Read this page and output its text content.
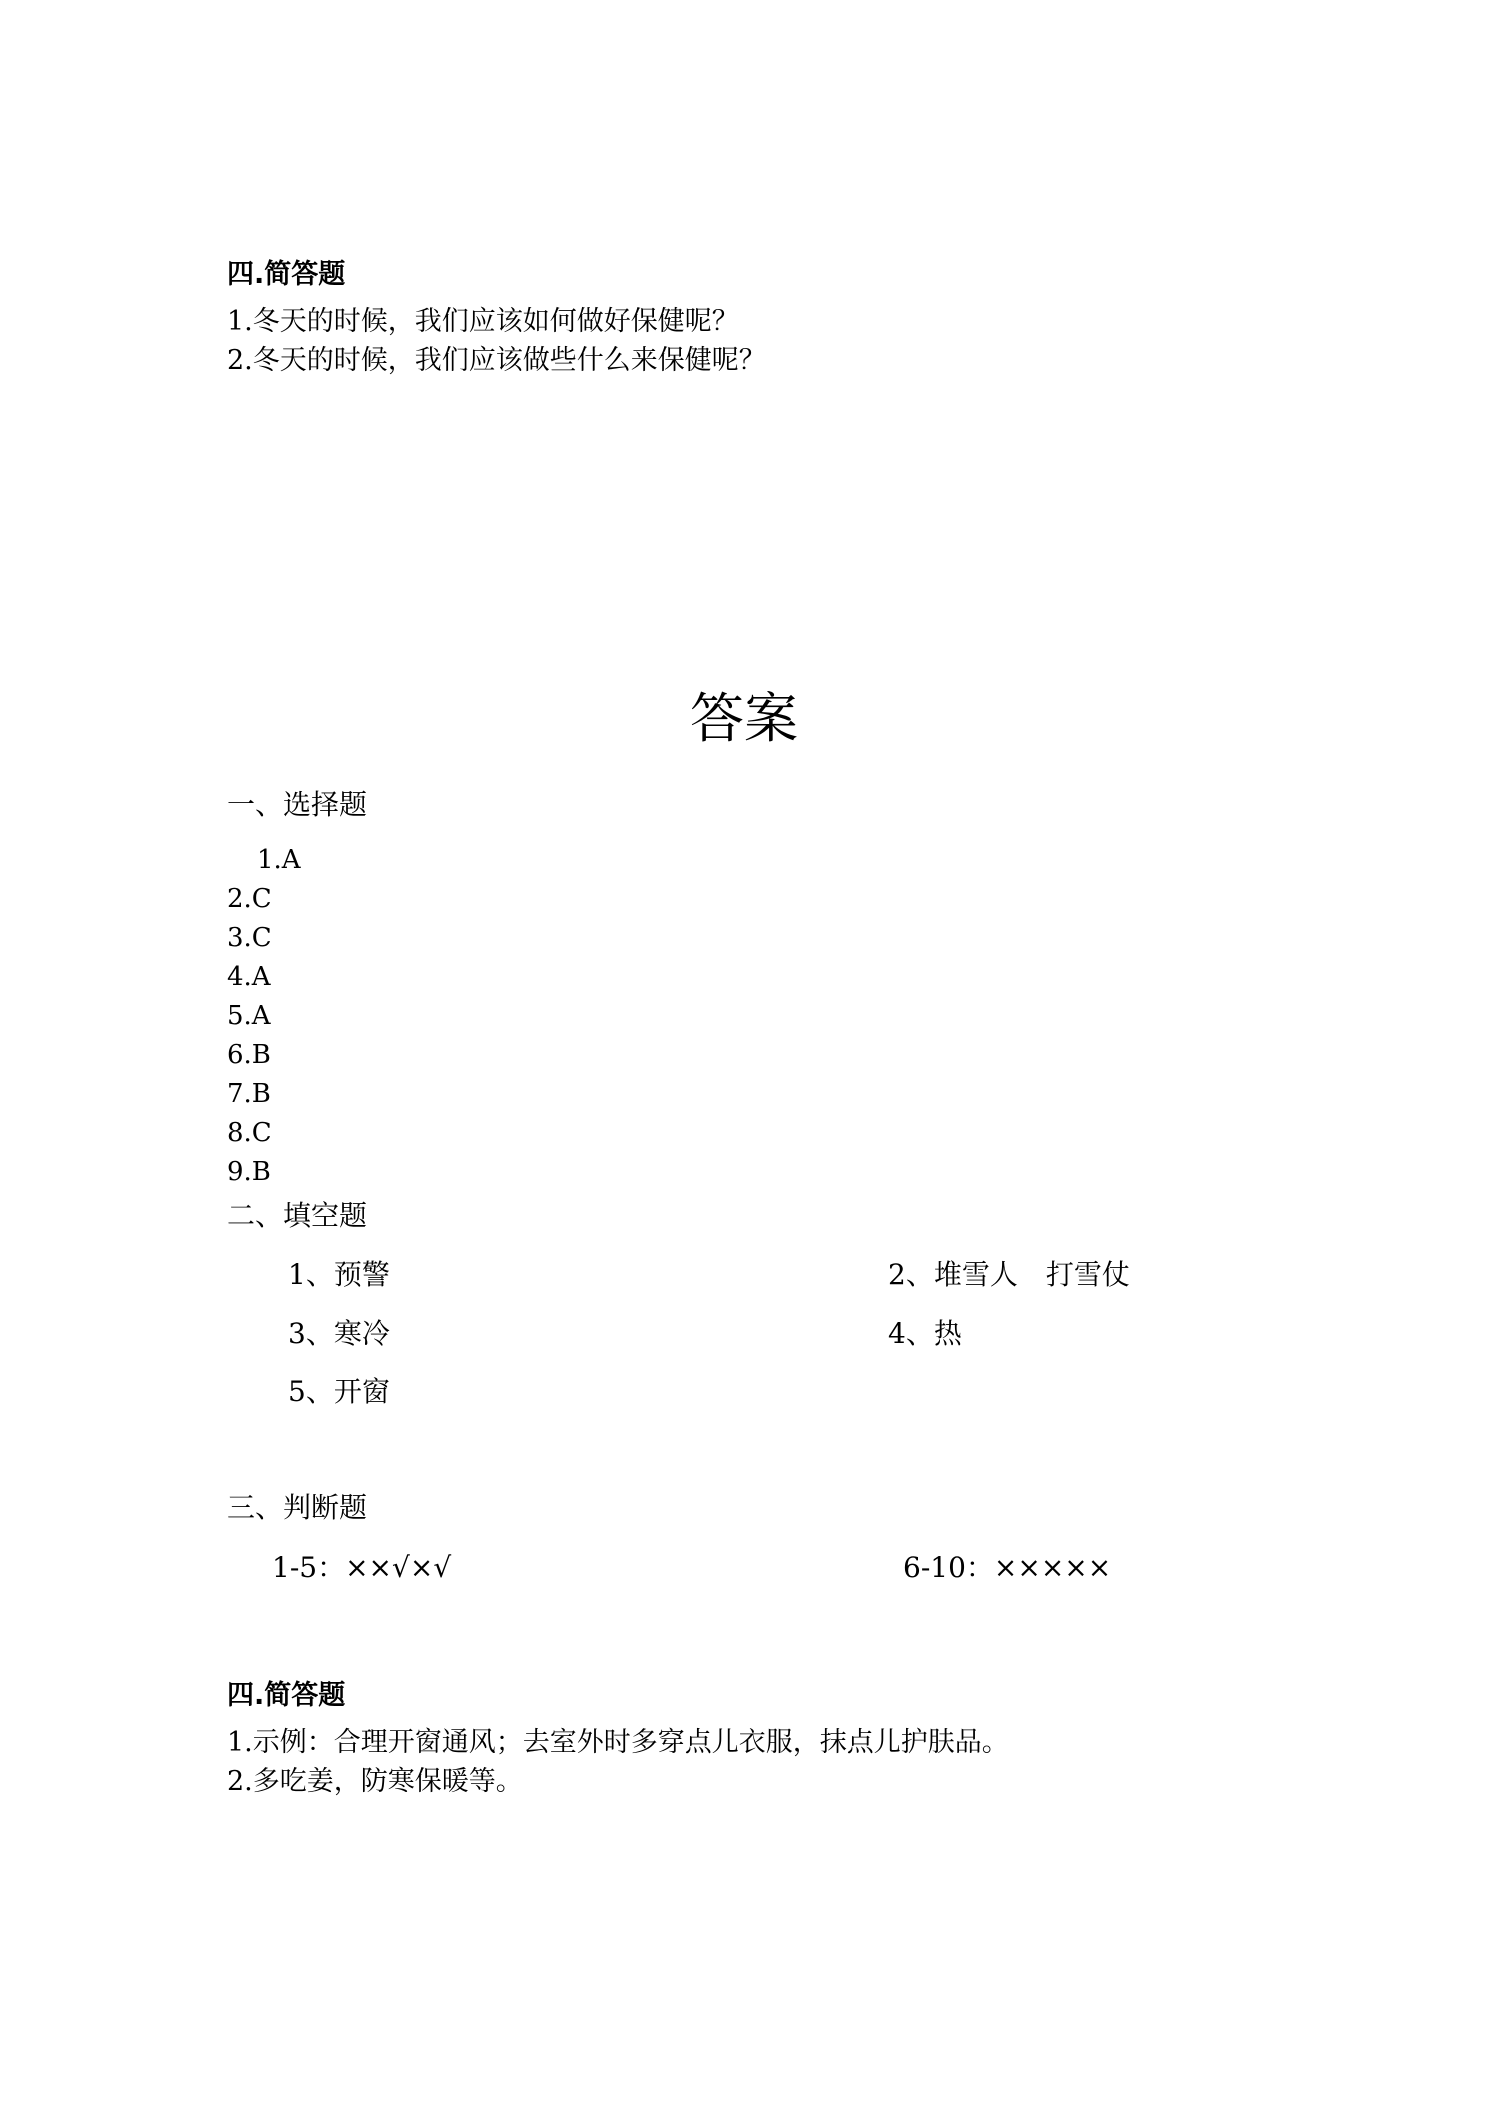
四.简答题
1.冬天的时候，我们应该如何做好保健呢？
2.冬天的时候，我们应该做些什么来保健呢？
答案
一、选择题
1.A
2.C
3.C
4.A
5.A
6.B
7.B
8.C
9.B
二、填空题
1、预警	2、堆雪人　打雪仗
3、寒冷	4、热
5、开窗
三、判断题
1-5：××√×√	6-10：×××××
四.简答题
1.示例：合理开窗通风；去室外时多穿点儿衣服，抹点儿护肤品。
2.多吃姜，防寒保暖等。
